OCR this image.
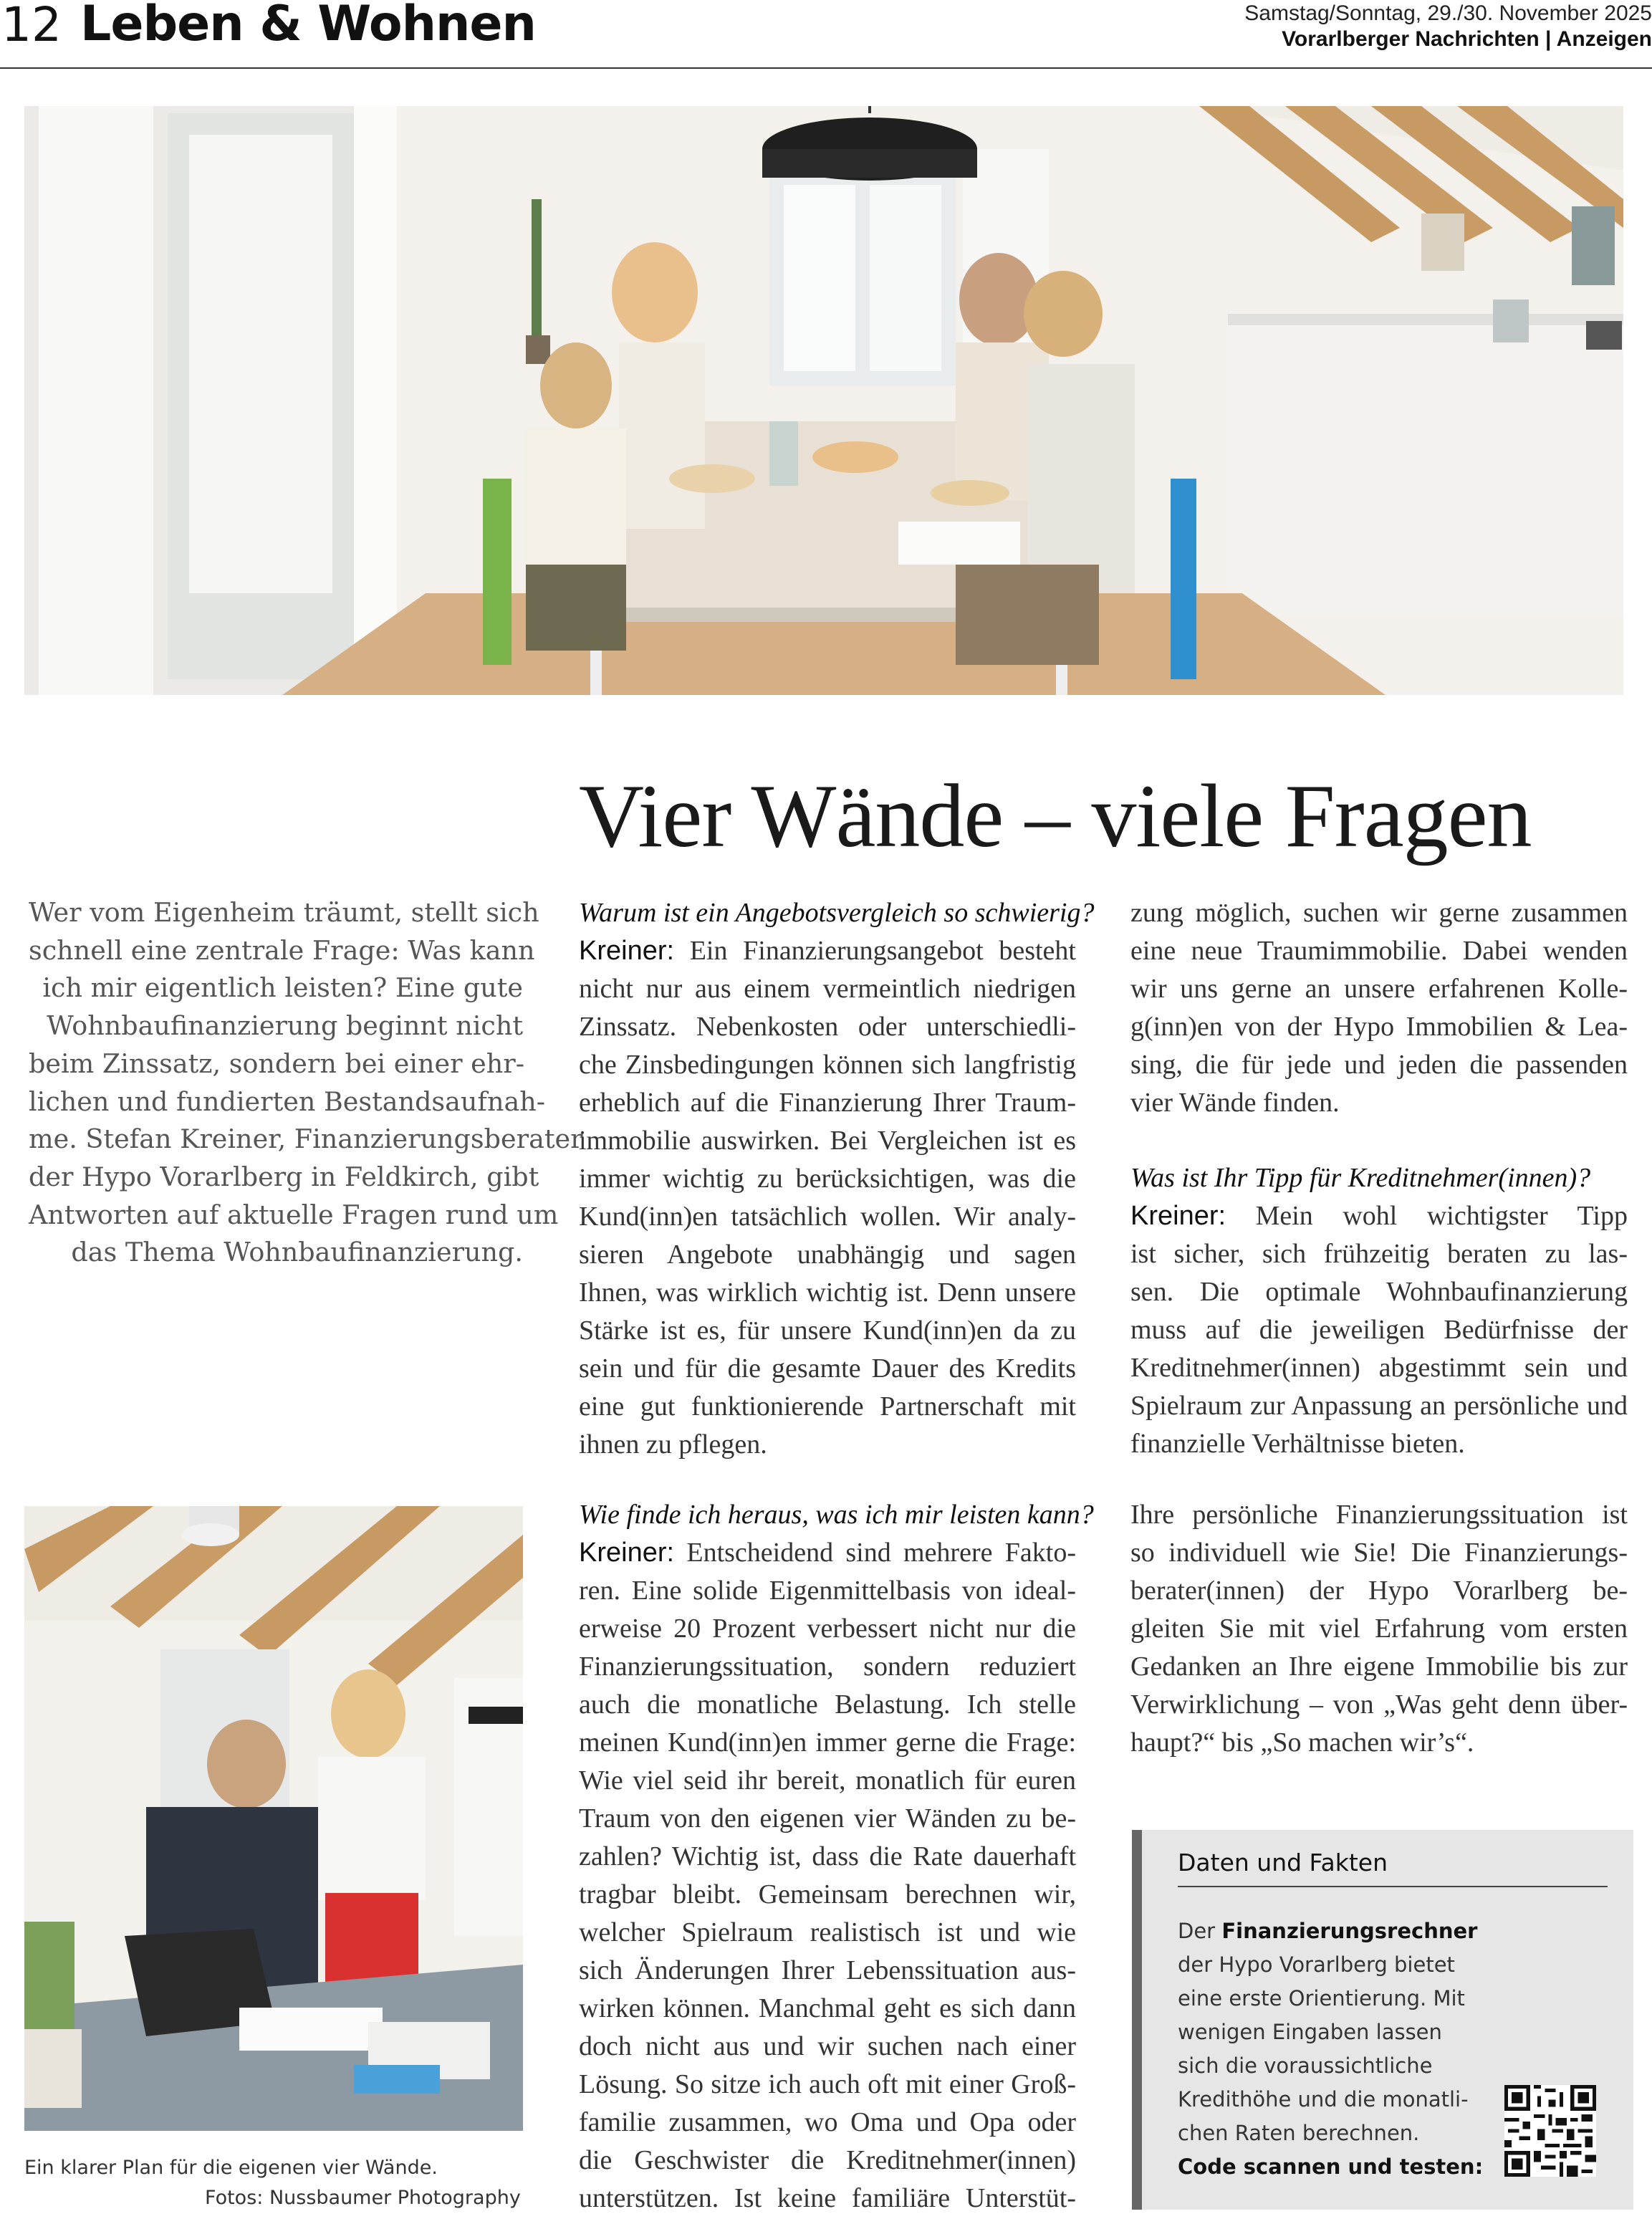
12 Leben & Wohnen	Samstag/Sonntag, 29./30. November 2025
Vorarlberger Nachrichten | Anzeigen
Vier Wände – viele Fragen
Wer vom Eigenheim träumt, stellt sich
schnell eine zentrale Frage: Was kann
ich mir eigentlich leisten? Eine gute
Wohnbaufinanzierung beginnt nicht
beim Zinssatz, sondern bei einer ehr-
lichen und fundierten Bestandsaufnah-
me. Stefan Kreiner, Finanzierungsberater
der Hypo Vorarlberg in Feldkirch, gibt
Antworten auf aktuelle Fragen rund um
das Thema Wohnbaufinanzierung.
Ein klarer Plan für die eigenen vier Wände.
Fotos: Nussbaumer Photography
Warum ist ein Angebotsvergleich so schwierig?
Kreiner: Ein Finanzierungsangebot besteht
nicht nur aus einem vermeintlich niedrigen
Zinssatz. Nebenkosten oder unterschiedli-
che Zinsbedingungen können sich langfristig
erheblich auf die Finanzierung Ihrer Traum-
immobilie auswirken. Bei Vergleichen ist es
immer wichtig zu berücksichtigen, was die
Kund(inn)en tatsächlich wollen. Wir analy-
sieren Angebote unabhängig und sagen
Ihnen, was wirklich wichtig ist. Denn unsere
Stärke ist es, für unsere Kund(inn)en da zu
sein und für die gesamte Dauer des Kredits
eine gut funktionierende Partnerschaft mit
ihnen zu pflegen.
Wie finde ich heraus, was ich mir leisten kann?
Kreiner: Entscheidend sind mehrere Fakto-
ren. Eine solide Eigenmittelbasis von ideal-
erweise 20 Prozent verbessert nicht nur die
Finanzierungssituation, sondern reduziert
auch die monatliche Belastung. Ich stelle
meinen Kund(inn)en immer gerne die Frage:
Wie viel seid ihr bereit, monatlich für euren
Traum von den eigenen vier Wänden zu be-
zahlen? Wichtig ist, dass die Rate dauerhaft
tragbar bleibt. Gemeinsam berechnen wir,
welcher Spielraum realistisch ist und wie
sich Änderungen Ihrer Lebenssituation aus-
wirken können. Manchmal geht es sich dann
doch nicht aus und wir suchen nach einer
Lösung. So sitze ich auch oft mit einer Groß-
familie zusammen, wo Oma und Opa oder
die Geschwister die Kreditnehmer(innen)
unterstützen. Ist keine familiäre Unterstüt-
zung möglich, suchen wir gerne zusammen
eine neue Traumimmobilie. Dabei wenden
wir uns gerne an unsere erfahrenen Kolle-
g(inn)en von der Hypo Immobilien & Lea-
sing, die für jede und jeden die passenden
vier Wände finden.
Was ist Ihr Tipp für Kreditnehmer(innen)?
Kreiner: Mein wohl wichtigster Tipp
ist sicher, sich frühzeitig beraten zu las-
sen. Die optimale Wohnbaufinanzierung
muss auf die jeweiligen Bedürfnisse der
Kreditnehmer(innen) abgestimmt sein und
Spielraum zur Anpassung an persönliche und
finanzielle Verhältnisse bieten.
Ihre persönliche Finanzierungssituation ist
so individuell wie Sie! Die Finanzierungs-
berater(innen) der Hypo Vorarlberg be-
gleiten Sie mit viel Erfahrung vom ersten
Gedanken an Ihre eigene Immobilie bis zur
Verwirklichung – von „Was geht denn über-
haupt?“ bis „So machen wir’s“.
Daten und Fakten
Der Finanzierungsrechner
der Hypo Vorarlberg bietet
eine erste Orientierung. Mit
wenigen Eingaben lassen
sich die voraussichtliche
Kredithöhe und die monatli-
chen Raten berechnen.
Code scannen und testen:
